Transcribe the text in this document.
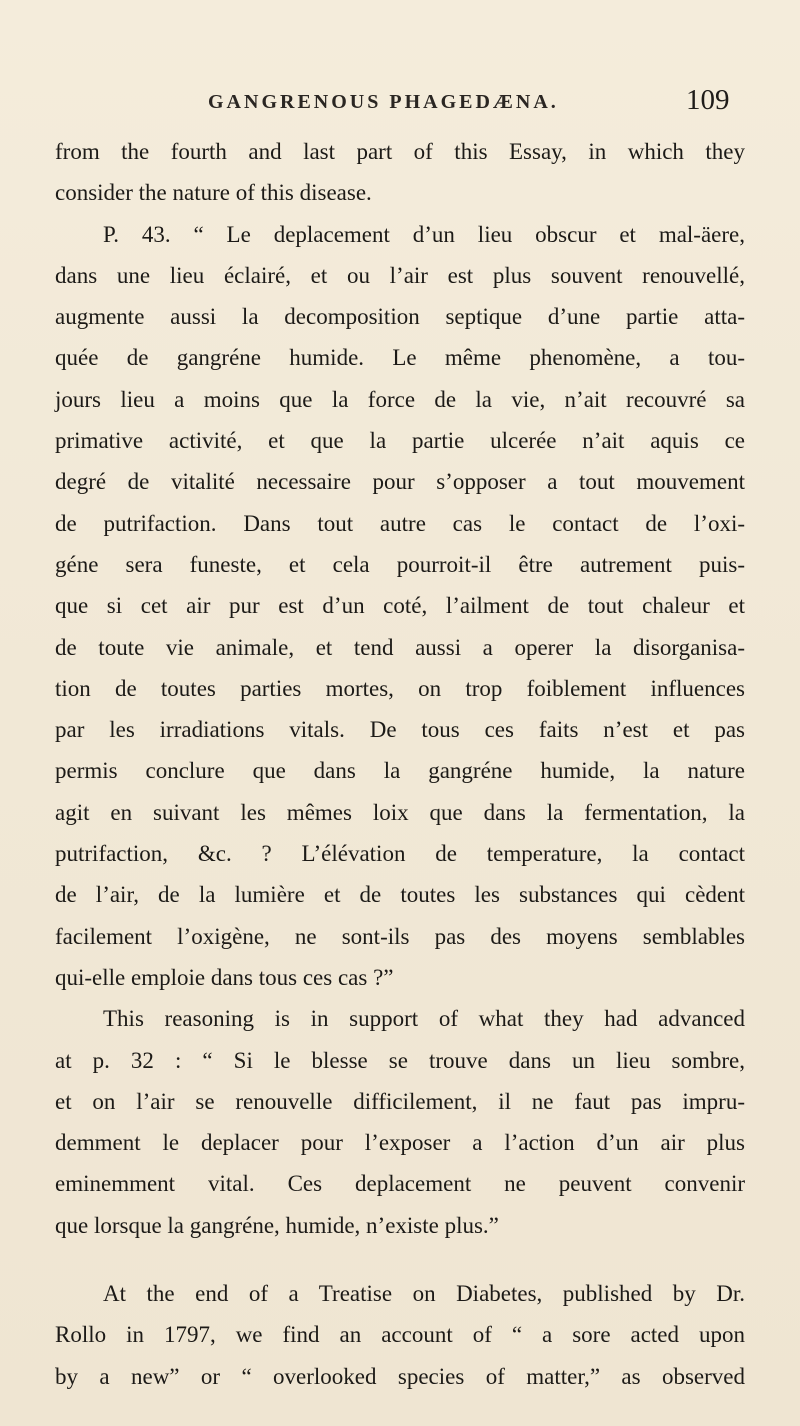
GANGRENOUS PHAGEDÆNA.	109
from the fourth and last part of this Essay, in which they
consider the nature of this disease.
P. 43. “ Le deplacement d’un lieu obscur et mal-äere,
dans une lieu éclairé, et ou l’air est plus souvent renouvellé,
augmente aussi la decomposition septique d’une partie atta-
quée de gangréne humide. Le même phenomène, a tou-
jours lieu a moins que la force de la vie, n’ait recouvré sa
primative activité, et que la partie ulcerée n’ait aquis ce
degré de vitalité necessaire pour s’opposer a tout mouvement
de putrifaction. Dans tout autre cas le contact de l’oxi-
géne sera funeste, et cela pourroit-il être autrement puis-
que si cet air pur est d’un coté, l’ailment de tout chaleur et
de toute vie animale, et tend aussi a operer la disorganisa-
tion de toutes parties mortes, on trop foiblement influences
par les irradiations vitals. De tous ces faits n’est et pas
permis conclure que dans la gangréne humide, la nature
agit en suivant les mêmes loix que dans la fermentation, la
putrifaction, &c. ? L’élévation de temperature, la contact
de l’air, de la lumière et de toutes les substances qui cèdent
facilement l’oxigène, ne sont-ils pas des moyens semblables
qui-elle emploie dans tous ces cas ?”
This reasoning is in support of what they had advanced
at p. 32 : “ Si le blesse se trouve dans un lieu sombre,
et on l’air se renouvelle difficilement, il ne faut pas impru-
demment le deplacer pour l’exposer a l’action d’un air plus
eminemment vital. Ces deplacement ne peuvent convenir
que lorsque la gangréne, humide, n’existe plus.”
At the end of a Treatise on Diabetes, published by Dr.
Rollo in 1797, we find an account of “ a sore acted upon
by a new” or “ overlooked species of matter,” as observed
